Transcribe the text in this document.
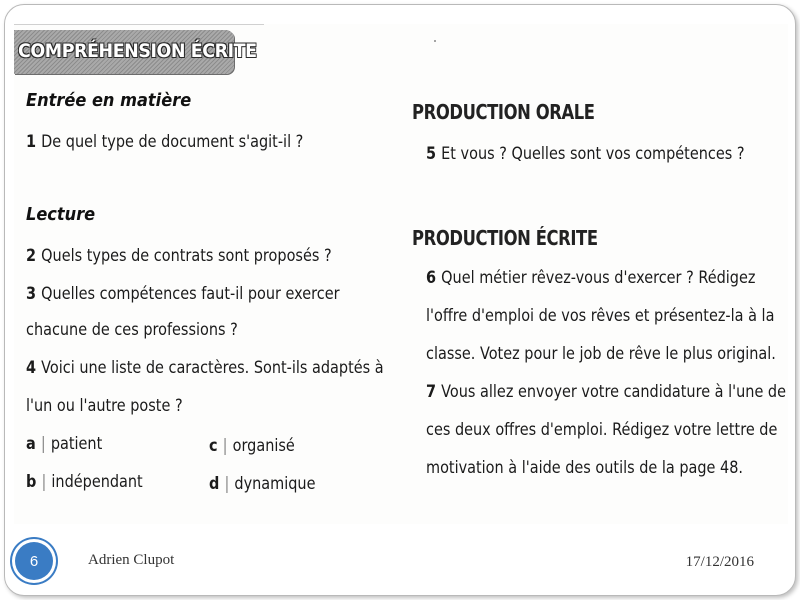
COMPRÉHENSION ÉCRITE
Entrée en matière
1 De quel type de document s'agit-il ?
Lecture
2 Quels types de contrats sont proposés ?
3 Quelles compétences faut-il pour exercer
chacune de ces professions ?
4 Voici une liste de caractères. Sont-ils adaptés à
l'un ou l'autre poste ?
a | patient
b | indépendant
c | organisé
d | dynamique
PRODUCTION ORALE
5 Et vous ? Quelles sont vos compétences ?
PRODUCTION ÉCRITE
6 Quel métier rêvez-vous d'exercer ? Rédigez
l'offre d'emploi de vos rêves et présentez-la à la
classe. Votez pour le job de rêve le plus original.
7 Vous allez envoyer votre candidature à l'une de
ces deux offres d'emploi. Rédigez votre lettre de
motivation à l'aide des outils de la page 48.
6	Adrien Clupot	17/12/2016
